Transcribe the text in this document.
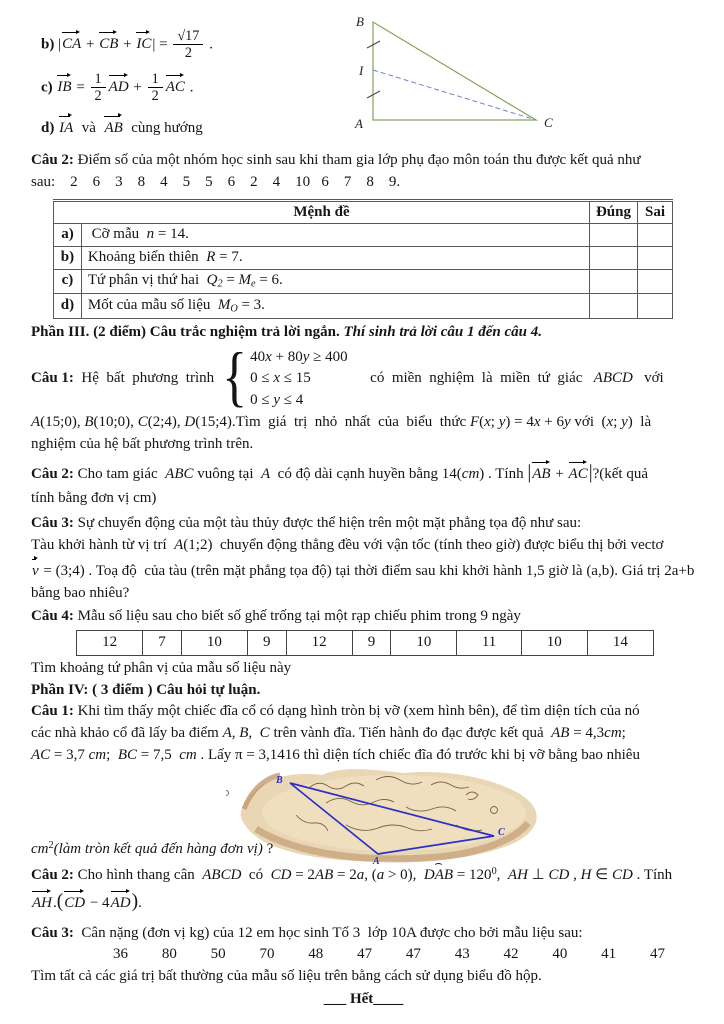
b) |CA + CB + $IC| = \frac{√17}{2}$ .

c) IB = $\frac{1}{2}$ AD + $\frac{1}{2}$ AC .

d) IA  và  AB  cùng hướng

B
I
A	C

Câu 2: Điểm số của một nhóm học sinh sau khi tham gia lớp phụ đạo môn toán thu được kết quả như

sau:    2    6    3    8    4    5    5    6    2    4    10   6    7    8    9.

Mệnh đề		Đúng	Sai
a)	Cỡ mẫu  n = 14.		
b)	Khoảng biến thiên  R = 7.		
c)	Tứ phân vị thứ hai  Q2 = Me = 6.		
d)	Mốt của mẫu số liệu  MO = 3.		

Phần III. (2 điểm) Câu trắc nghiệm trả lời ngắn. Thí sinh trả lời câu 1 đến câu 4.

Câu 1:  Hệ  bất  phương  trình { 40x + 80y ≥ 400
0 ≤ x ≤ 15
0 ≤ y ≤ 4
có  miền  nghiệm  là  miền  tứ  giác   ABCD   với

A(15;0), B(10;0), C(2;4), D(15;4).Tìm  giá  trị  nhỏ  nhất  của  biểu  thức F(x; y) = 4x + 6y với  (x; y)  là

nghiệm của hệ bất phương trình trên.

Câu 2: Cho tam giác  ABC vuông tại  A  có độ dài cạnh huyền bằng 14(cm) . Tính |AB + AC|?(kết quả

tính bằng đơn vị cm)

Câu 3: Sự chuyển động của một tàu thủy được thể hiện trên một mặt phẳng tọa độ như sau:

Tàu khởi hành từ vị trí  A(1;2)  chuyển động thẳng đều với vận tốc (tính theo giờ) được biểu thị bởi vectơ

v = (3;4) . Toạ độ  của tàu (trên mặt phẳng tọa độ) tại thời điểm sau khi khởi hành 1,5 giờ là (a,b). Giá trị 2a+b

bằng bao nhiêu?

Câu 4: Mẫu số liệu sau cho biết số ghế trống tại một rạp chiếu phim trong 9 ngày

12	7	10	9	12	9	10	11	10	14

Tìm khoảng tứ phân vị của mẫu số liệu này

Phần IV: ( 3 điểm ) Câu hỏi tự luận.

Câu 1: Khi tìm thấy một chiếc đĩa cổ có dạng hình tròn bị vỡ (xem hình bên), để tìm diện tích của nó

các nhà khảo cổ đã lấy ba điểm A, B,  C trên vành đĩa. Tiến hành đo đạc được kết quả  AB = 4,3cm;

AC = 3,7 cm;  BC = 7,5  cm . Lấy π = 3,1416 thì diện tích chiếc đĩa đó trước khi bị vỡ bằng bao nhiêu

B
A
C

$cm^2(làm$ tròn kết quả đến hàng đơn vị) ?

Câu 2: Cho hình thang cân  ABCD  có  CD = 2AB = 2a, (a > 0),  ⌢ DAB = $120^0$,  AH ⊥ CD , H ∈ CD . Tính

AH.(CD − 4AD).

Câu 3:  Cân nặng (đơn vị kg) của 12 em học sinh Tổ 3  lớp 10A được cho bởi mẫu liệu sau:

36 80 50 70 48 47 47 43 42 40 41 47

Tìm tất cả các giá trị bất thường của mẫu số liệu trên bằng cách sử dụng biểu đồ hộp.

___ Hết____
